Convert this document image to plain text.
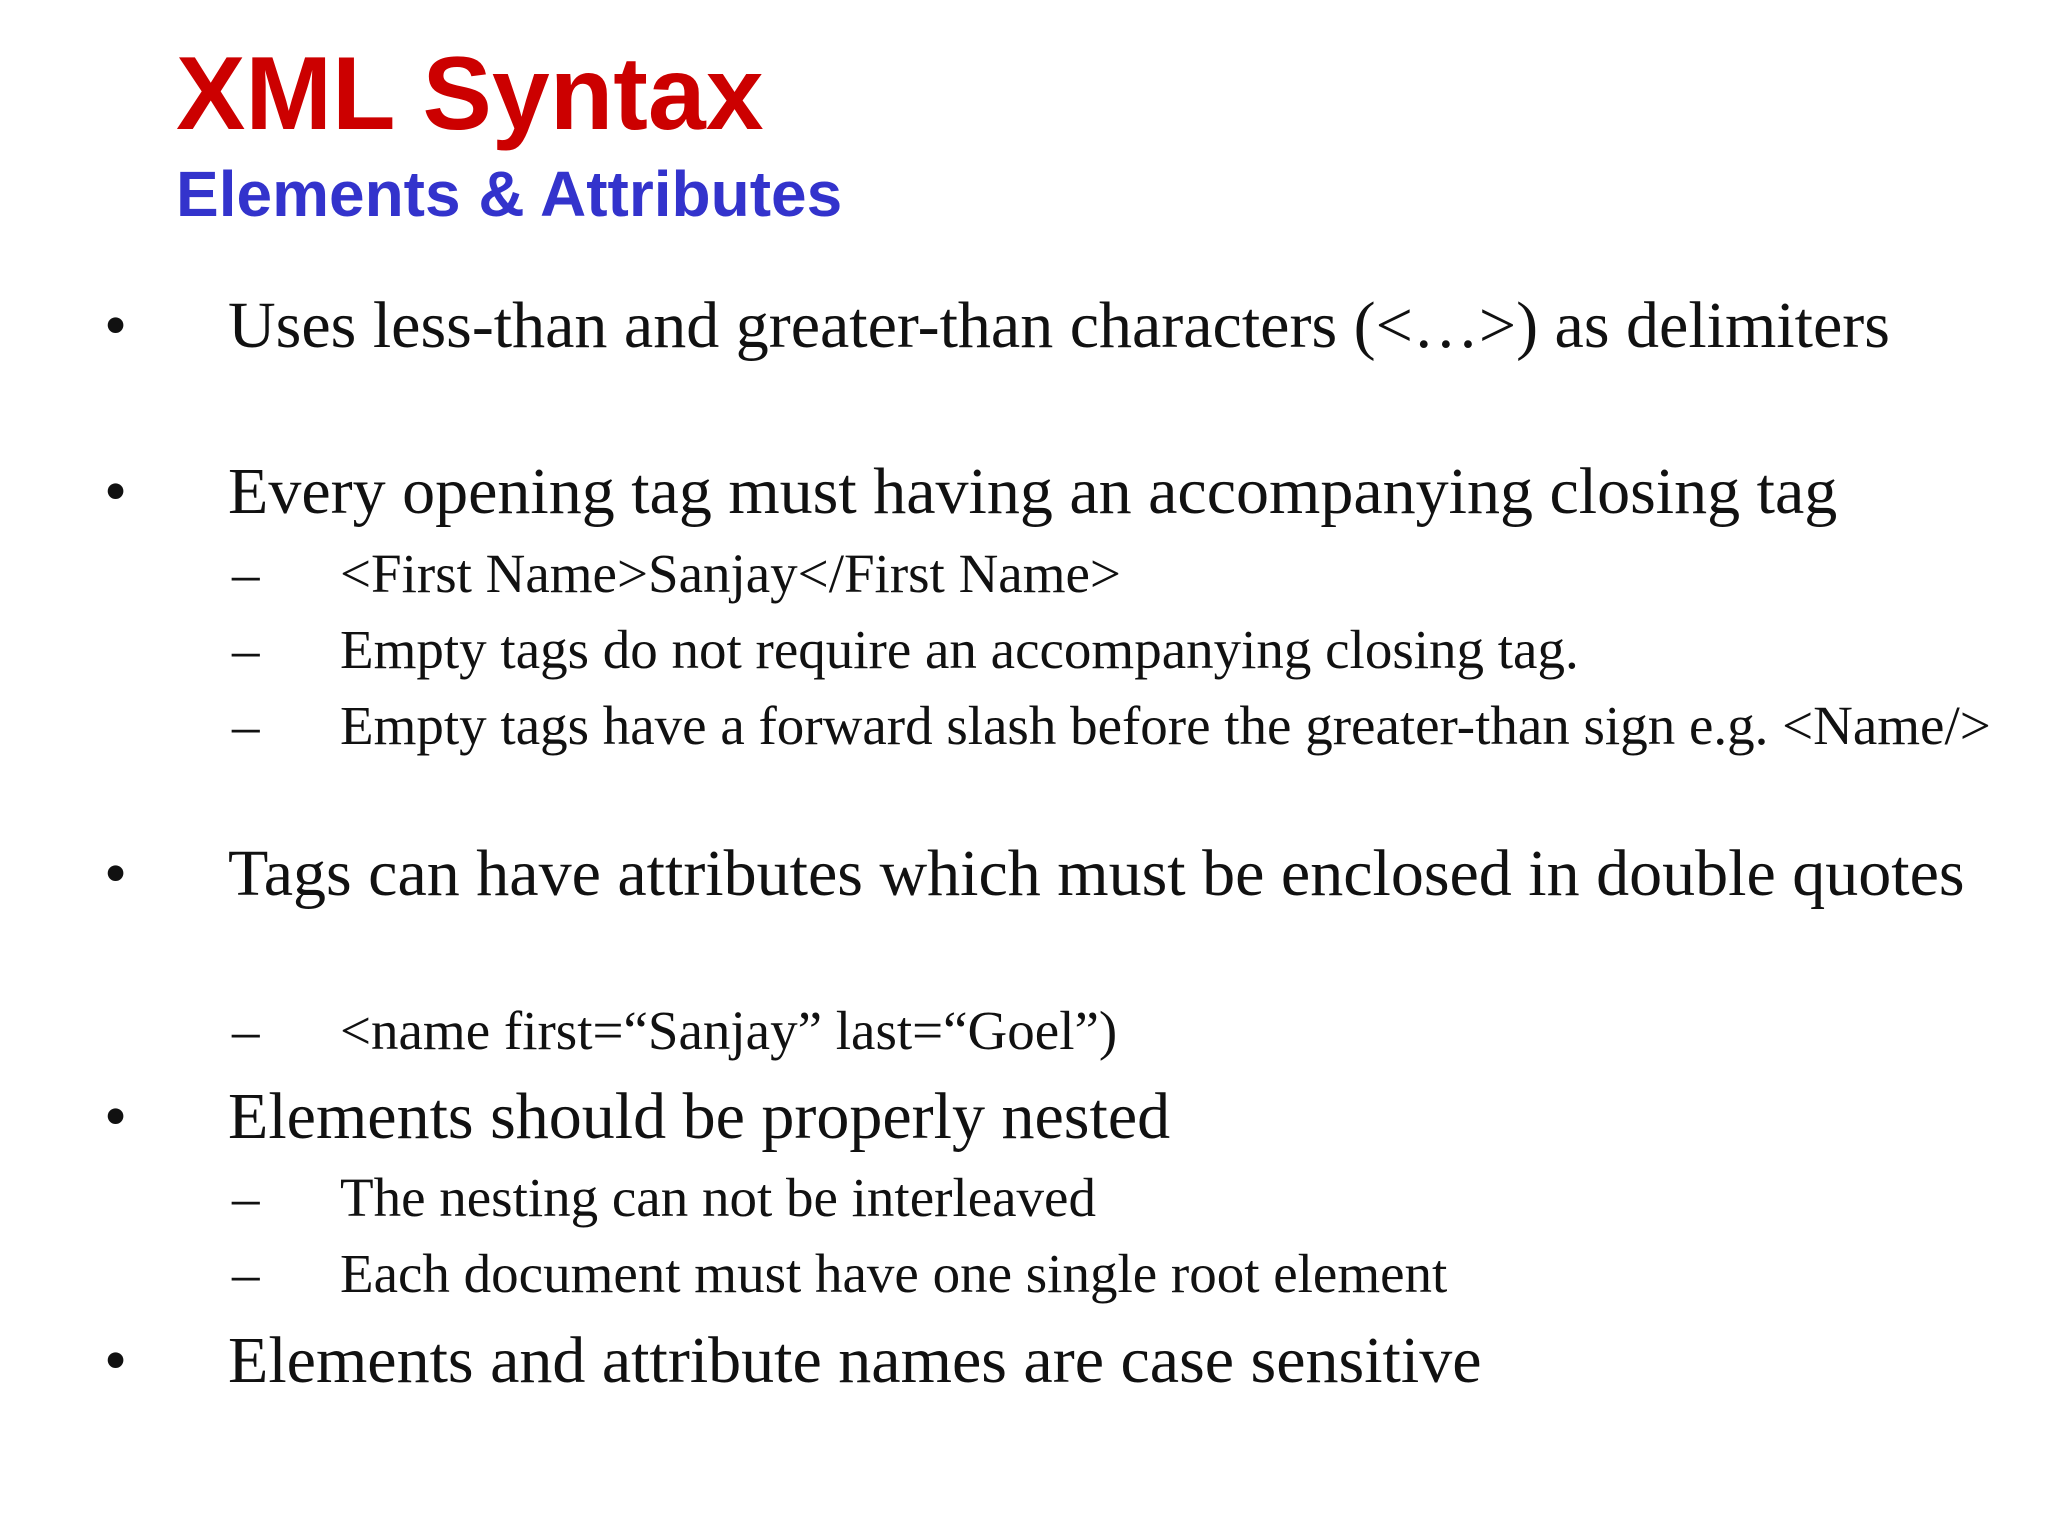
XML Syntax
Elements & Attributes
• Uses less-than and greater-than characters (<…>) as delimiters
• Every opening tag must having an accompanying closing tag
– <First Name>Sanjay</First Name>
– Empty tags do not require an accompanying closing tag.
– Empty tags have a forward slash before the greater-than sign e.g. <Name/>
• Tags can have attributes which must be enclosed in double quotes
– <name first=“Sanjay” last=“Goel”)
• Elements should be properly nested
– The nesting can not be interleaved
– Each document must have one single root element
• Elements and attribute names are case sensitive
